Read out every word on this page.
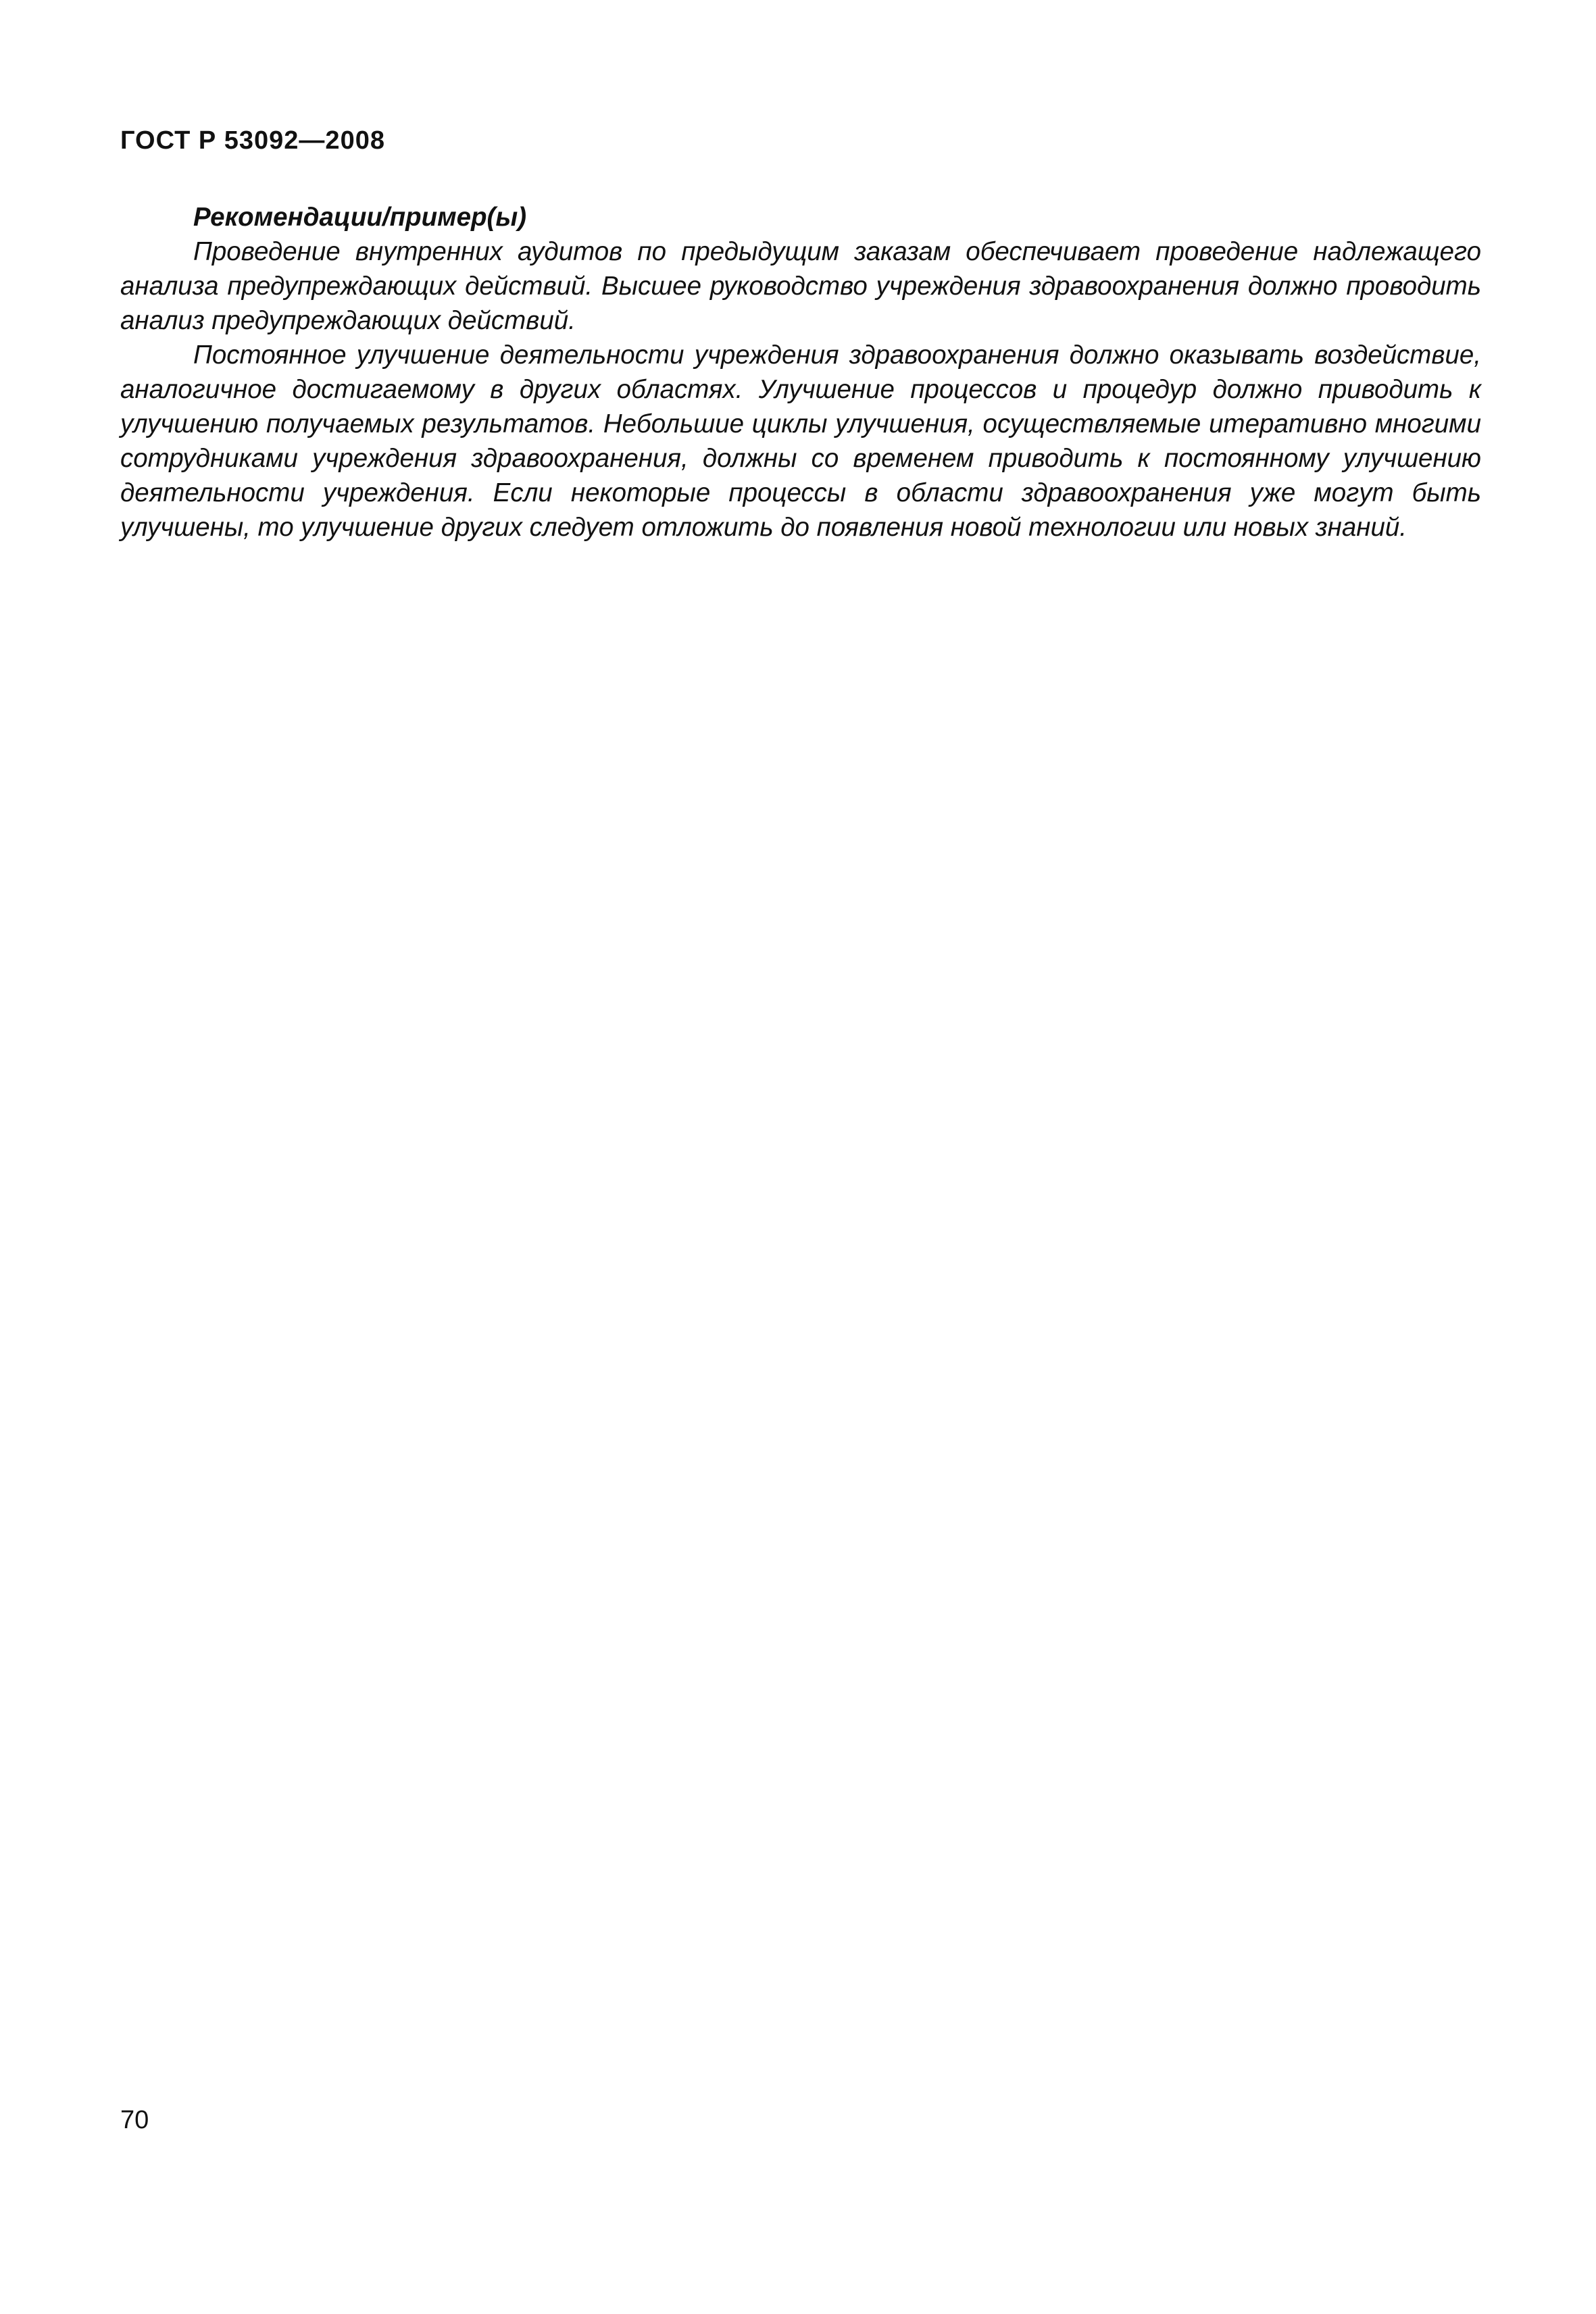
ГОСТ Р 53092—2008

Рекомендации/пример(ы)

Проведение внутренних аудитов по предыдущим заказам обеспечивает проведение надлежащего анализа предупреждающих действий. Высшее руководство учреждения здравоохранения должно проводить анализ предупреждающих действий.

Постоянное улучшение деятельности учреждения здравоохранения должно оказывать воздействие, аналогичное достигаемому в других областях. Улучшение процессов и процедур должно приводить к улучшению получаемых результатов. Небольшие циклы улучшения, осуществляемые итеративно многими сотрудниками учреждения здравоохранения, должны со временем приводить к постоянному улучшению деятельности учреждения. Если некоторые процессы в области здравоохранения уже могут быть улучшены, то улучшение других следует отложить до появления новой технологии или новых знаний.

70
